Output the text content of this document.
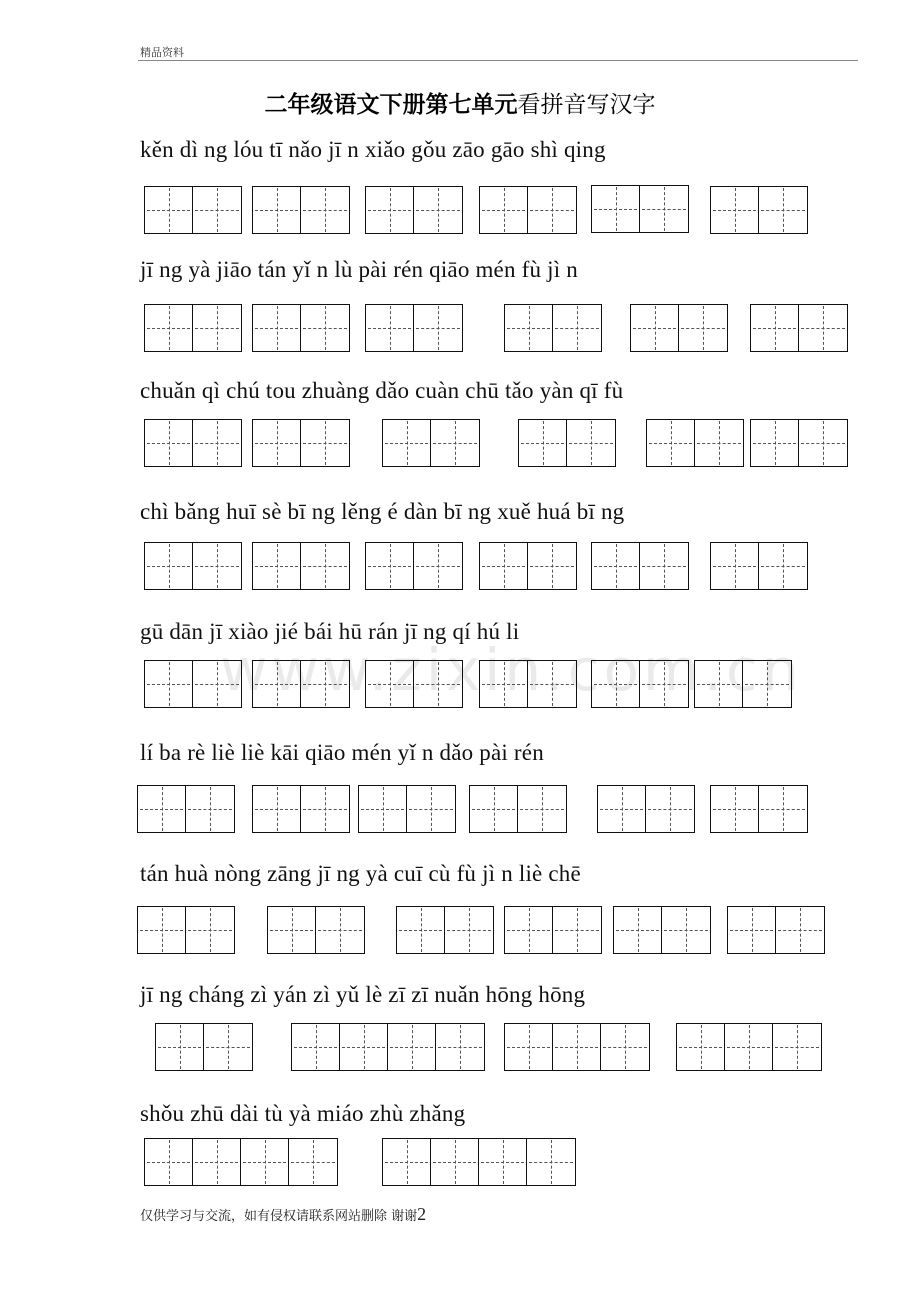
精品资料
二年级语文下册第七单元看拼音写汉字
www.zixin.com.cn
kěn dì ng lóu tī nǎo jī n xiǎo gǒu zāo gāo shì qing
jī ng yà jiāo tán yǐ n lù pài rén qiāo mén fù jì n
chuǎn qì chú tou zhuàng dǎo cuàn chū tǎo yàn qī fù
chì bǎng huī sè bī ng lěng é dàn bī ng xuě huá bī ng
gū dān jī xiào jié bái hū rán jī ng qí hú li
lí ba rè liè liè kāi qiāo mén yǐ n dǎo pài rén
tán huà nòng zāng jī ng yà cuī cù fù jì n liè chē
jī ng cháng zì yán zì yǔ lè zī zī nuǎn hōng hōng
shǒu zhū dài tù yà miáo zhù zhǎng
仅供学习与交流，如有侵权请联系网站删除 谢谢2
